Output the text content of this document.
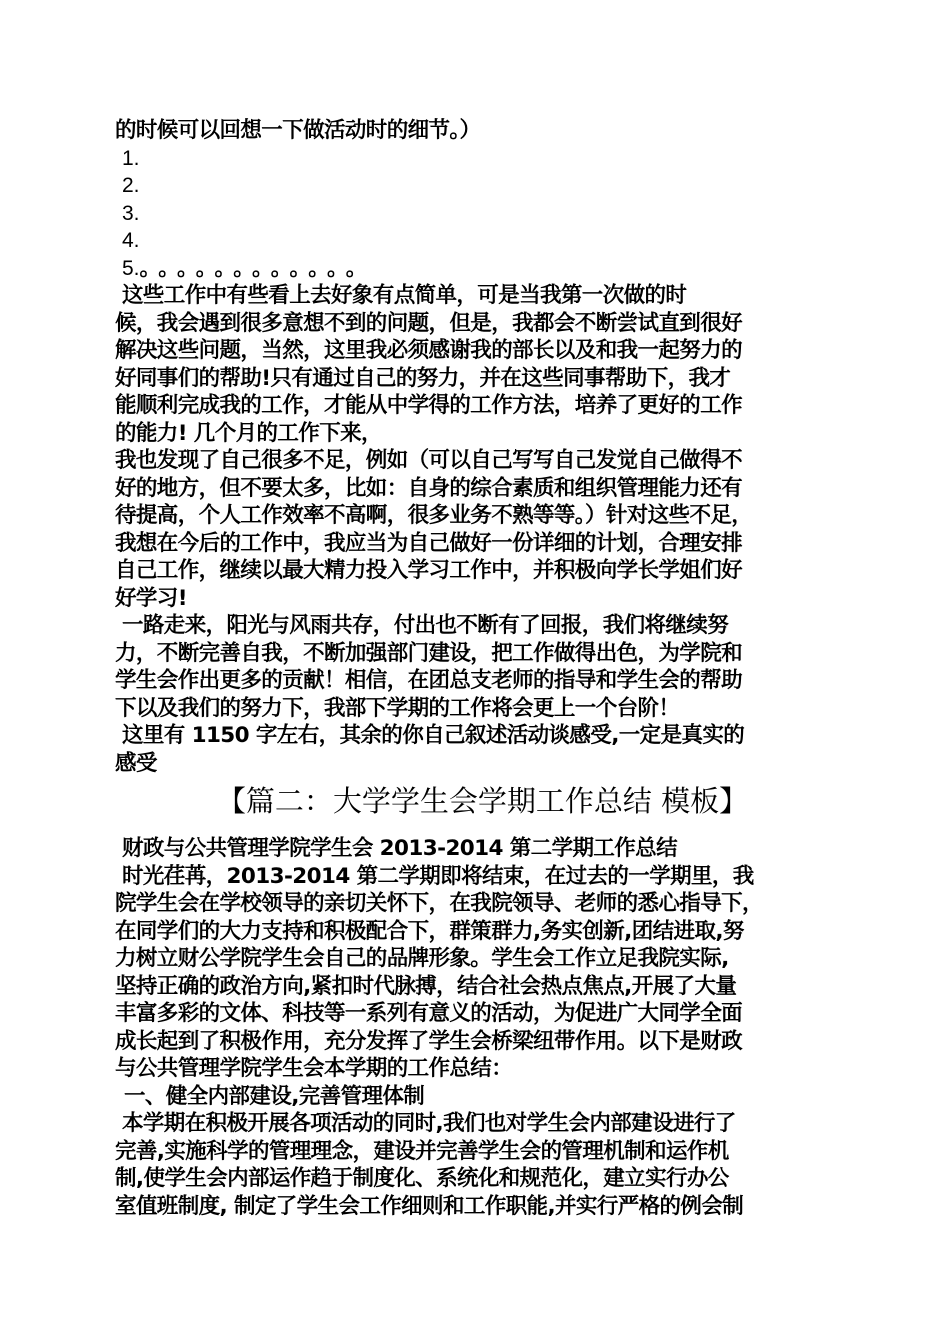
的时候可以回想一下做活动时的细节。）
1.
2.
3.
4.
5.。。。。。。。。。。。。
这些工作中有些看上去好象有点简单，可是当我第一次做的时
候，我会遇到很多意想不到的问题，但是，我都会不断尝试直到很好
解决这些问题，当然，这里我必须感谢我的部长以及和我一起努力的
好同事们的帮助!只有通过自己的努力，并在这些同事帮助下，我才
能顺利完成我的工作，才能从中学得的工作方法，培养了更好的工作
的能力! 几个月的工作下来，
我也发现了自己很多不足，例如（可以自己写写自己发觉自己做得不
好的地方，但不要太多，比如：自身的综合素质和组织管理能力还有
待提高，个人工作效率不高啊，很多业务不熟等等。）针对这些不足，
我想在今后的工作中，我应当为自己做好一份详细的计划，合理安排
自己工作，继续以最大精力投入学习工作中，并积极向学长学姐们好
好学习!
一路走来，阳光与风雨共存，付出也不断有了回报，我们将继续努
力，不断完善自我，不断加强部门建设，把工作做得出色，为学院和
学生会作出更多的贡献！相信，在团总支老师的指导和学生会的帮助
下以及我们的努力下，我部下学期的工作将会更上一个台阶！
这里有 1150 字左右，其余的你自己叙述活动谈感受,一定是真实的
感受
【篇二：大学学生会学期工作总结 模板】
财政与公共管理学院学生会 2013-2014 第二学期工作总结
时光荏苒，2013-2014 第二学期即将结束，在过去的一学期里，我
院学生会在学校领导的亲切关怀下，在我院领导、老师的悉心指导下，
在同学们的大力支持和积极配合下，群策群力,务实创新,团结进取,努
力树立财公学院学生会自己的品牌形象。学生会工作立足我院实际,
坚持正确的政治方向,紧扣时代脉搏，结合社会热点焦点,开展了大量
丰富多彩的文体、科技等一系列有意义的活动，为促进广大同学全面
成长起到了积极作用，充分发挥了学生会桥梁纽带作用。以下是财政
与公共管理学院学生会本学期的工作总结：
一、健全内部建设,完善管理体制
本学期在积极开展各项活动的同时,我们也对学生会内部建设进行了
完善,实施科学的管理理念，建设并完善学生会的管理机制和运作机
制,使学生会内部运作趋于制度化、系统化和规范化，建立实行办公
室值班制度, 制定了学生会工作细则和工作职能,并实行严格的例会制
